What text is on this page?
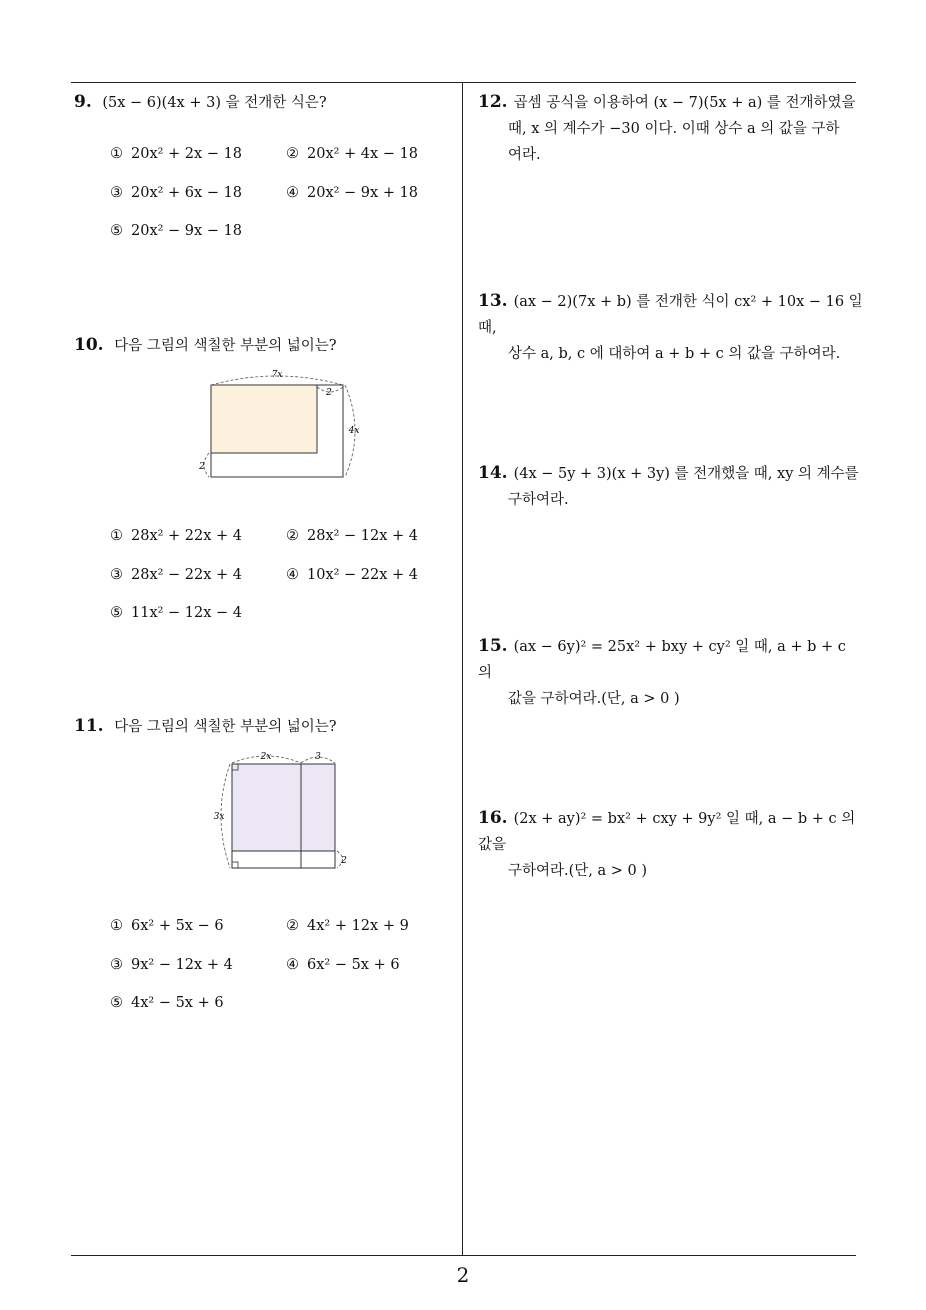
2
9. (5x − 6)(4x + 3) 을 전개한 식은?
① 20x² + 2x − 18	② 20x² + 4x − 18
③ 20x² + 6x − 18	④ 20x² − 9x + 18
⑤ 20x² − 9x − 18
10. 다음 그림의 색칠한 부분의 넓이는?
7x
2
4x
2
① 28x² + 22x + 4	② 28x² − 12x + 4
③ 28x² − 22x + 4	④ 10x² − 22x + 4
⑤ 11x² − 12x − 4
11. 다음 그림의 색칠한 부분의 넓이는?
2x	3
3x
2
① 6x² + 5x − 6	② 4x² + 12x + 9
③ 9x² − 12x + 4	④ 6x² − 5x + 6
⑤ 4x² − 5x + 6
12. 곱셈 공식을 이용하여 (x − 7)(5x + a) 를 전개하였을
때, x 의 계수가 −30 이다. 이때 상수 a 의 값을 구하
여라.
13. (ax − 2)(7x + b) 를 전개한 식이 cx² + 10x − 16 일 때,
상수 a, b, c 에 대하여 a + b + c 의 값을 구하여라.
14. (4x − 5y + 3)(x + 3y) 를 전개했을 때, xy 의 계수를
구하여라.
15. (ax − 6y)² = 25x² + bxy + cy² 일 때, a + b + c 의
값을 구하여라.(단, a > 0 )
16. (2x + ay)² = bx² + cxy + 9y² 일 때, a − b + c 의 값을
구하여라.(단, a > 0 )
